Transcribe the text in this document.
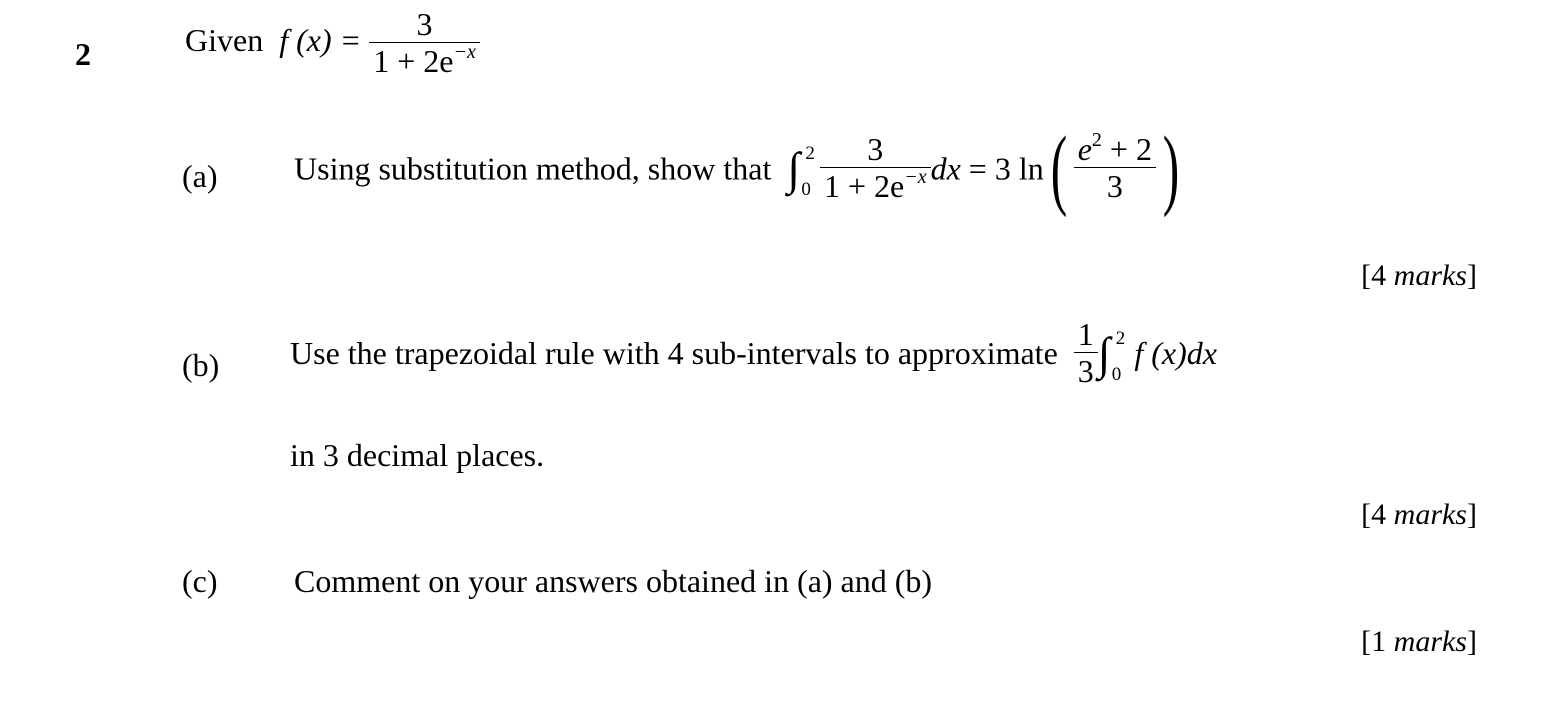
2	Given f $(x) = \frac{3}{1 + 2e^{-x}}$
(a) Using substitution method, show that ∫ 2
0
$\frac{3}{1 + 2e^{-x}}$ dx = 3 $\ln( \frac{e^2 + 2}{3}$ )
[4 marks]
(b) Use the trapezoidal rule with 4 sub-intervals to approximate $\frac{1}{3}$ ∫ 2
0
f (x)dx
in 3 decimal places.
[4 marks]
(c) Comment on your answers obtained in (a) and (b)
[1 marks]
